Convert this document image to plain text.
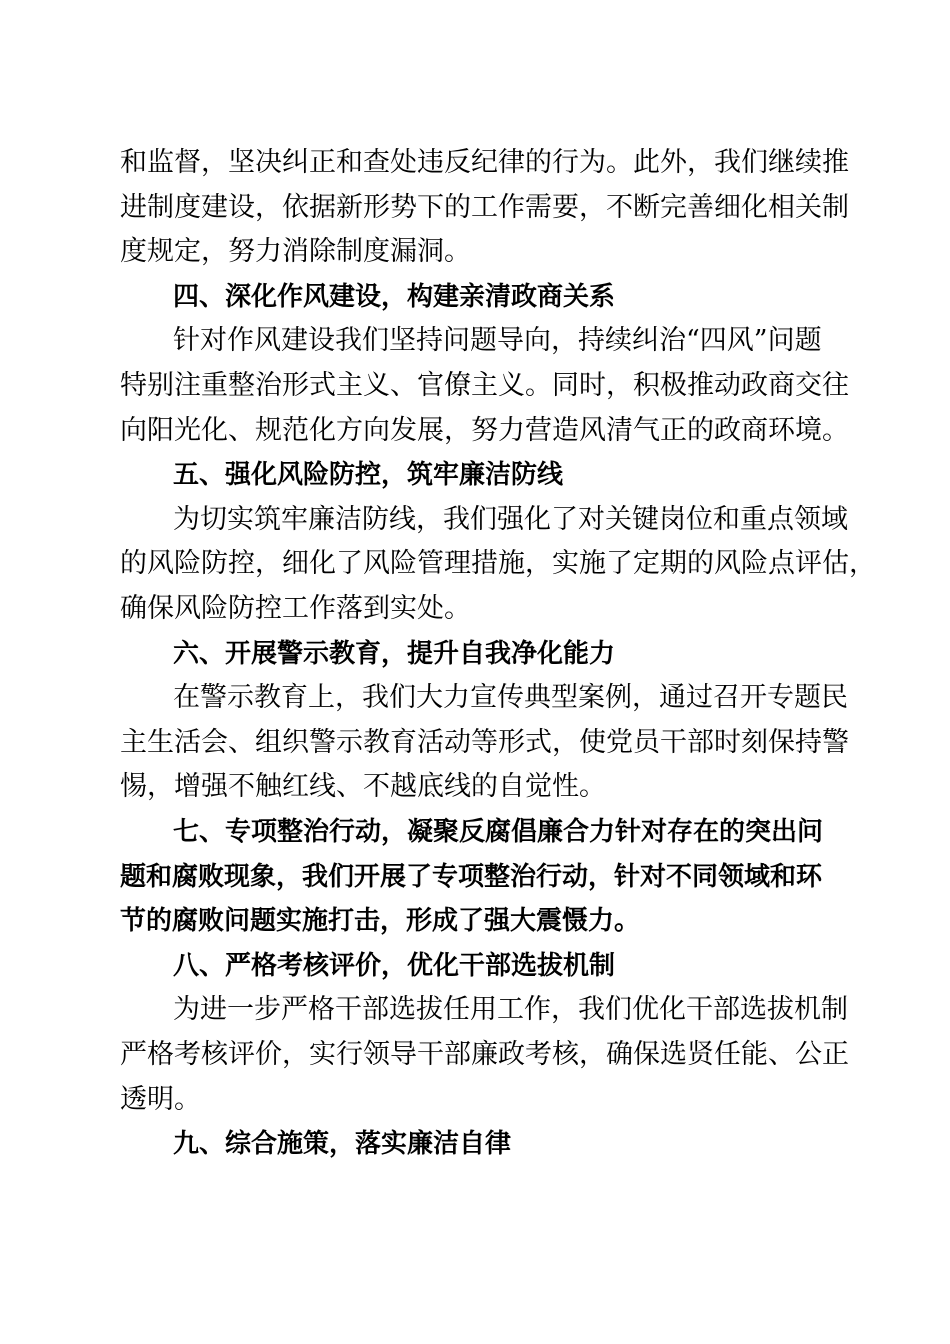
和监督，坚决纠正和查处违反纪律的行为。此外，我们继续推
进制度建设，依据新形势下的工作需要，不断完善细化相关制
度规定，努力消除制度漏洞。
四、深化作风建设，构建亲清政商关系
针对作风建设我们坚持问题导向，持续纠治“四风”问题
特别注重整治形式主义、官僚主义。同时，积极推动政商交往
向阳光化、规范化方向发展，努力营造风清气正的政商环境。
五、强化风险防控，筑牢廉洁防线
为切实筑牢廉洁防线，我们强化了对关键岗位和重点领域
的风险防控，细化了风险管理措施，实施了定期的风险点评估，
确保风险防控工作落到实处。
六、开展警示教育，提升自我净化能力
在警示教育上，我们大力宣传典型案例，通过召开专题民
主生活会、组织警示教育活动等形式，使党员干部时刻保持警
惕，增强不触红线、不越底线的自觉性。
七、专项整治行动，凝聚反腐倡廉合力针对存在的突出问
题和腐败现象，我们开展了专项整治行动，针对不同领域和环
节的腐败问题实施打击，形成了强大震慑力。
八、严格考核评价，优化干部选拔机制
为进一步严格干部选拔任用工作，我们优化干部选拔机制
严格考核评价，实行领导干部廉政考核，确保选贤任能、公正
透明。
九、综合施策，落实廉洁自律
